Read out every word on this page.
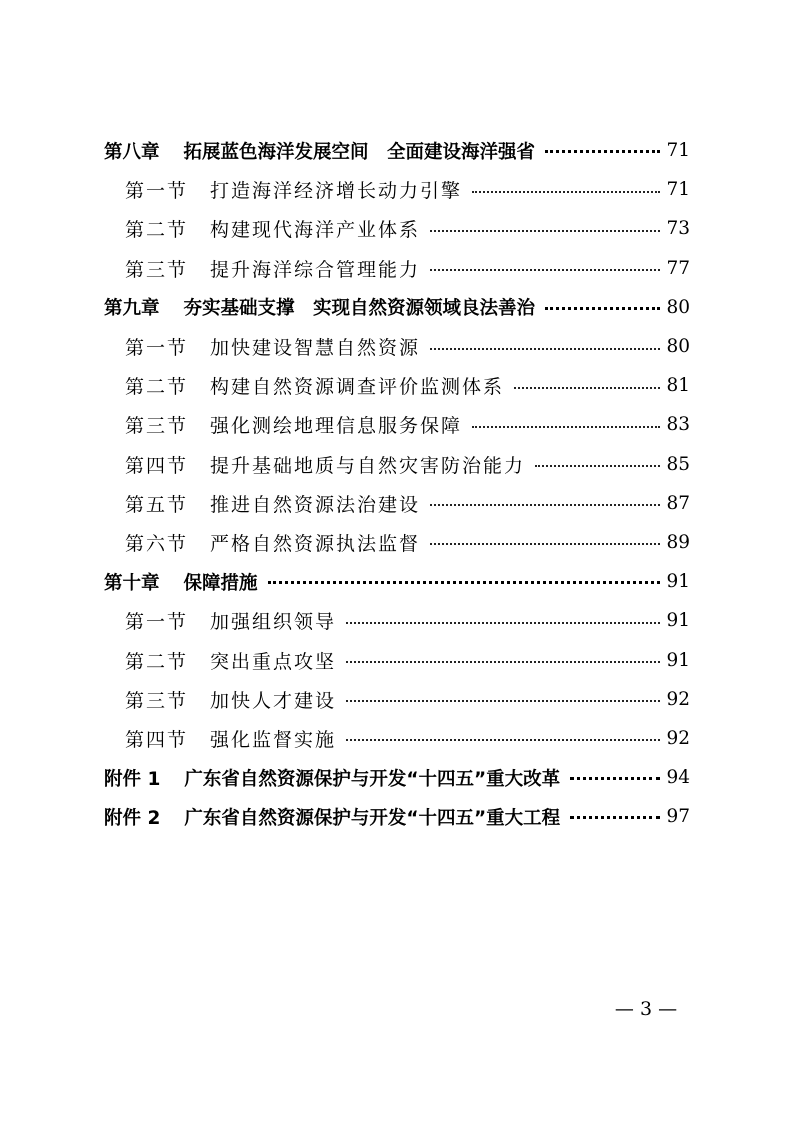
第八章 拓展蓝色海洋发展空间　全面建设海洋强省	71
第一节 打造海洋经济增长动力引擎	71
第二节 构建现代海洋产业体系	73
第三节 提升海洋综合管理能力	77
第九章 夯实基础支撑　实现自然资源领域良法善治	80
第一节 加快建设智慧自然资源	80
第二节 构建自然资源调查评价监测体系	81
第三节 强化测绘地理信息服务保障	83
第四节 提升基础地质与自然灾害防治能力	85
第五节 推进自然资源法治建设	87
第六节 严格自然资源执法监督	89
第十章 保障措施	91
第一节 加强组织领导	91
第二节 突出重点攻坚	91
第三节 加快人才建设	92
第四节 强化监督实施	92
附件 1 广东省自然资源保护与开发“十四五”重大改革	94
附件 2 广东省自然资源保护与开发“十四五”重大工程	97
— 3 —
